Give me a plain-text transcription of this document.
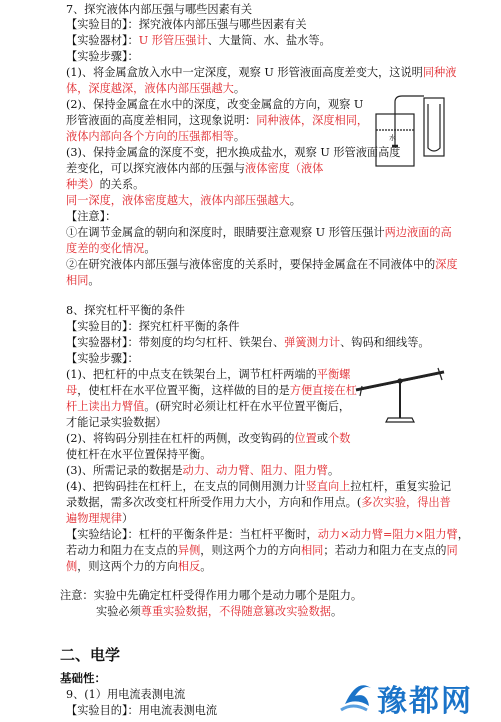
7、探究液体内部压强与哪些因素有关
【实验目的】：探究液体内部压强与哪些因素有关
【实验器材】：U 形管压强计、大量筒、水、盐水等。
【实验步骤】：
(1)、将金属盒放入水中一定深度，观察 U 形管液面高度差变大，这说明同种液
体，深度越深，液体内部压强越大。
(2)、保持金属盒在水中的深度，改变金属盒的方向，观察 U
形管液面的高度差相同，这现象说明：同种液体，深度相同，
液体内部向各个方向的压强都相等。
(3)、保持金属盒的深度不变，把水换成盐水，观察 U 形管液面高度
差变化，可以探究液体内部的压强与液体密度（液体
种类）的关系。
同一深度，液体密度越大，液体内部压强越大。
【注意】：
①在调节金属盒的朝向和深度时，眼睛要注意观察 U 形管压强计两边液面的高
度差的变化情况。
②在研究液体内部压强与液体密度的关系时，要保持金属盒在不同液体中的深度
相同。
8、探究杠杆平衡的条件
【实验目的】：探究杠杆平衡的条件
【实验器材】：带刻度的均匀杠杆、铁架台、弹簧测力计、钩码和细线等。
【实验步骤】：
(1)、把杠杆的中点支在铁架台上，调节杠杆两端的平衡螺
母，使杠杆在水平位置平衡，这样做的目的是方便直接在杠
杆上读出力臂值。(研究时必须让杠杆在水平位置平衡后，
才能记录实验数据）
(2)、将钩码分别挂在杠杆的两侧，改变钩码的位置或个数
使杠杆在水平位置保持平衡。
(3)、所需记录的数据是动力、动力臂、阻力、阻力臂。
(4)、把钩码挂在杠杆上，在支点的同侧用测力计竖直向上拉杠杆，重复实验记
录数据，需多次改变杠杆所受作用力大小，方向和作用点。(多次实验，得出普
遍物理规律）
【实验结论】：杠杆的平衡条件是：当杠杆平衡时，动力×动力臂=阻力×阻力臂，
若动力和阻力在支点的异侧，则这两个力的方向相同；若动力和阻力在支点的同
侧，则这两个力的方向相反。
注意：实验中先确定杠杆受得作用力哪个是动力哪个是阻力。
实验必须尊重实验数据，不得随意篡改实验数据。
9、(1）用电流表测电流
【实验目的】：用电流表测电流
二、电学
基础性：
水
豫都网
